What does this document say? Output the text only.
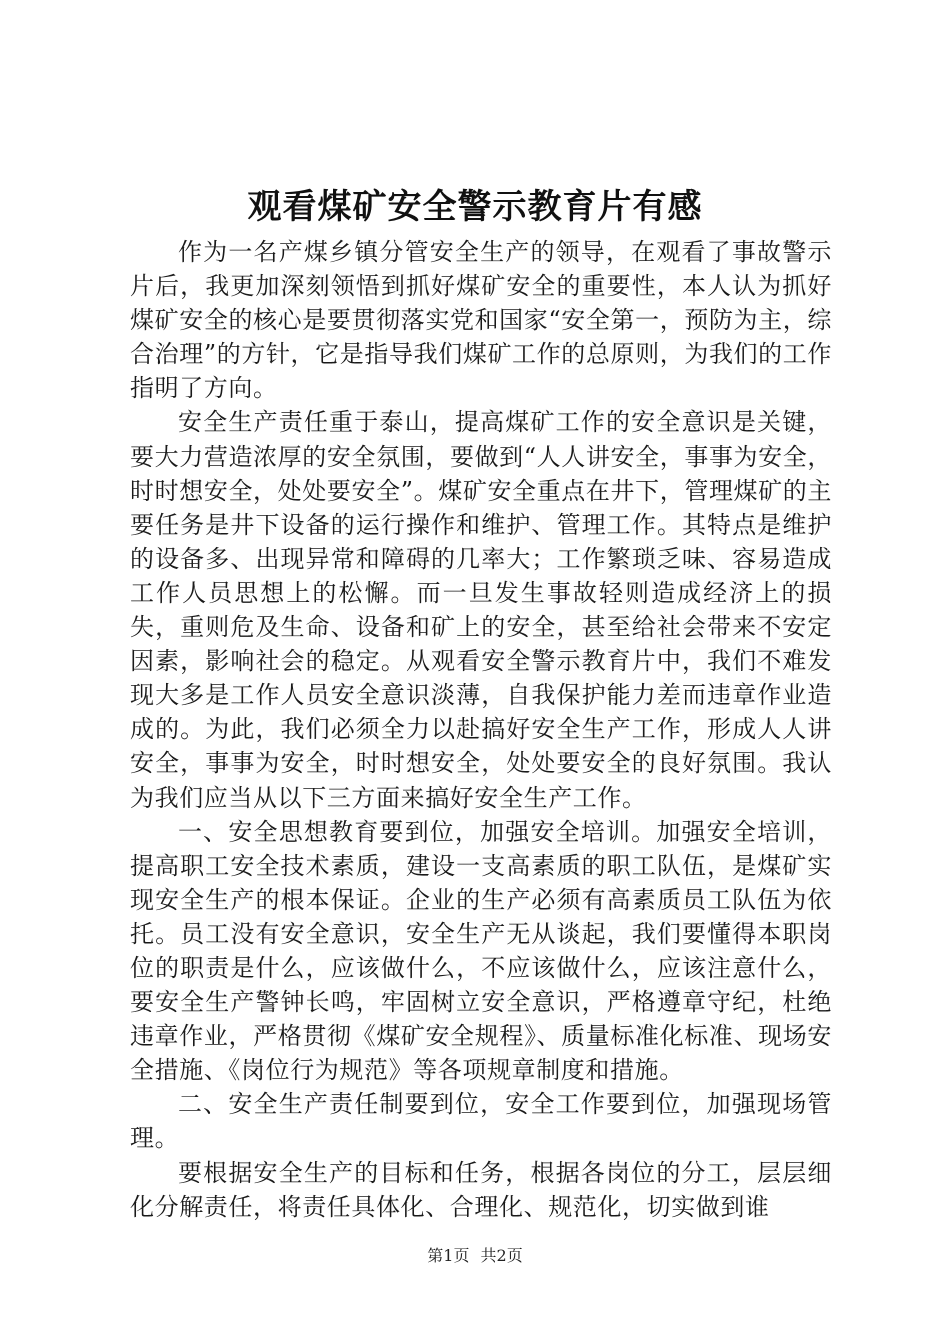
观看煤矿安全警示教育片有感

作为一名产煤乡镇分管安全生产的领导，在观看了事故警示片后，我更加深刻领悟到抓好煤矿安全的重要性，本人认为抓好煤矿安全的核心是要贯彻落实党和国家“安全第一，预防为主，综合治理”的方针，它是指导我们煤矿工作的总原则，为我们的工作指明了方向。

安全生产责任重于泰山，提高煤矿工作的安全意识是关键，要大力营造浓厚的安全氛围，要做到“人人讲安全，事事为安全，时时想安全，处处要安全”。煤矿安全重点在井下，管理煤矿的主要任务是井下设备的运行操作和维护、管理工作。其特点是维护的设备多、出现异常和障碍的几率大；工作繁琐乏味、容易造成工作人员思想上的松懈。而一旦发生事故轻则造成经济上的损失，重则危及生命、设备和矿上的安全，甚至给社会带来不安定因素，影响社会的稳定。从观看安全警示教育片中，我们不难发现大多是工作人员安全意识淡薄，自我保护能力差而违章作业造成的。为此，我们必须全力以赴搞好安全生产工作，形成人人讲安全，事事为安全，时时想安全，处处要安全的良好氛围。我认为我们应当从以下三方面来搞好安全生产工作。

一、安全思想教育要到位，加强安全培训。加强安全培训，提高职工安全技术素质，建设一支高素质的职工队伍，是煤矿实现安全生产的根本保证。企业的生产必须有高素质员工队伍为依托。员工没有安全意识，安全生产无从谈起，我们要懂得本职岗位的职责是什么，应该做什么，不应该做什么，应该注意什么，要安全生产警钟长鸣，牢固树立安全意识，严格遵章守纪，杜绝违章作业，严格贯彻《煤矿安全规程》、质量标准化标准、现场安全措施、《岗位行为规范》等各项规章制度和措施。

二、安全生产责任制要到位，安全工作要到位，加强现场管理。

要根据安全生产的目标和任务，根据各岗位的分工，层层细化分解责任，将责任具体化、合理化、规范化，切实做到谁

第1页 共2页
